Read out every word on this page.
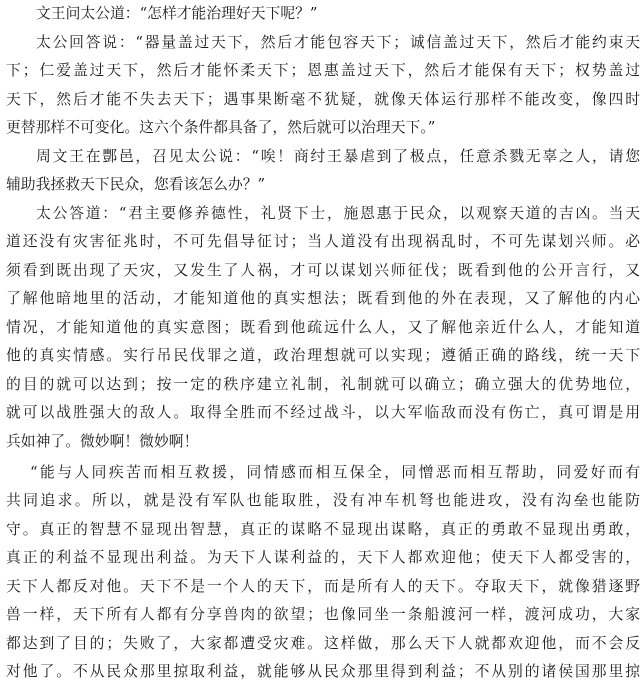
文王问太公道：“怎样才能治理好天下呢？”
太公回答说：“器量盖过天下，然后才能包容天下；诚信盖过天下，然后才能约束天
下；仁爱盖过天下，然后才能怀柔天下；恩惠盖过天下，然后才能保有天下；权势盖过
天下，然后才能不失去天下；遇事果断毫不犹疑，就像天体运行那样不能改变，像四时
更替那样不可变化。这六个条件都具备了，然后就可以治理天下。”
周文王在酆邑，召见太公说：“唉！商纣王暴虐到了极点，任意杀戮无辜之人，请您
辅助我拯救天下民众，您看该怎么办？”
太公答道：“君主要修养德性，礼贤下士，施恩惠于民众，以观察天道的吉凶。当天
道还没有灾害征兆时，不可先倡导征讨；当人道没有出现祸乱时，不可先谋划兴师。必
须看到既出现了天灾，又发生了人祸，才可以谋划兴师征伐；既看到他的公开言行，又
了解他暗地里的活动，才能知道他的真实想法；既看到他的外在表现，又了解他的内心
情况，才能知道他的真实意图；既看到他疏远什么人，又了解他亲近什么人，才能知道
他的真实情感。实行吊民伐罪之道，政治理想就可以实现；遵循正确的路线，统一天下
的目的就可以达到；按一定的秩序建立礼制，礼制就可以确立；确立强大的优势地位，
就可以战胜强大的敌人。取得全胜而不经过战斗，以大军临敌而没有伤亡，真可谓是用
兵如神了。微妙啊！微妙啊！
“能与人同疾苦而相互救援，同情感而相互保全，同憎恶而相互帮助，同爱好而有
共同追求。所以，就是没有军队也能取胜，没有冲车机弩也能进攻，没有沟垒也能防
守。真正的智慧不显现出智慧，真正的谋略不显现出谋略，真正的勇敢不显现出勇敢，
真正的利益不显现出利益。为天下人谋利益的，天下人都欢迎他；使天下人都受害的，
天下人都反对他。天下不是一个人的天下，而是所有人的天下。夺取天下，就像猎逐野
兽一样，天下所有人都有分享兽肉的欲望；也像同坐一条船渡河一样，渡河成功，大家
都达到了目的；失败了，大家都遭受灾难。这样做，那么天下人就都欢迎他，而不会反
对他了。不从民众那里掠取利益，就能够从民众那里得到利益；不从别的诸侯国那里掠
